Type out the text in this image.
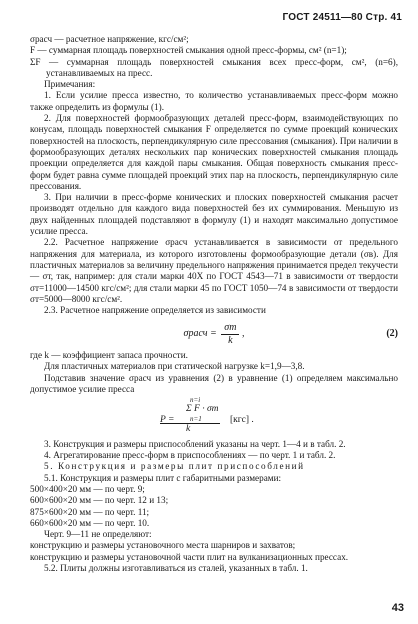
ГОСТ 24511—80 Стр. 41

σрасч — расчетное напряжение, кгс/см²;

F — суммарная площадь поверхностей смыкания одной пресс-формы, см² (n=1);

ΣF — суммарная площадь поверхностей смыкания всех пресс-форм, см², (n=6), устанавливаемых на пресс.

Примечания:

1. Если усилие пресса известно, то количество устанавливаемых пресс-форм можно также определить из формулы (1).

2. Для поверхностей формообразующих деталей пресс-форм, взаимодействующих по конусам, площадь поверхностей смыкания F определяется по сумме проекций конических поверхностей на плоскость, перпендикулярную силе прессования (смыкания). При наличии в формообразующих деталях нескольких пар конических поверхностей смыкания площадь проекции определяется для каждой пары смыкания. Общая поверхность смыкания пресс-форм будет равна сумме площадей проекций этих пар на плоскость, перпендикулярную силе прессования.

3. При наличии в пресс-форме конических и плоских поверхностей смыкания расчет производят отдельно для каждого вида поверхностей без их суммирования. Меньшую из двух найденных площадей подставляют в формулу (1) и находят максимально допустимое усилие пресса.

2.2. Расчетное напряжение σрасч устанавливается в зависимости от предельного напряжения для материала, из которого изготовлены формообразующие детали (σв). Для пластичных материалов за величину предельного напряжения принимается предел текучести — σт, так, например: для стали марки 40Х по ГОСТ 4543—71 в зависимости от твердости σт=11000—14500 кгс/см²; для стали марки 45 по ГОСТ 1050—74 в зависимости от твердости σт=5000—8000 кгс/см².

2.3. Расчетное напряжение определяется из зависимости

σрасч = $\frac{\sigma т}{k}$ ,	(2)

где k — коэффициент запаса прочности.

Для пластичных материалов при статической нагрузке k=1,9—3,8.

Подставив значение σрасч из уравнения (2) в уравнение (1) определяем максимально допустимое усилие пресса

n=i
Σ F · σт
n=1
P =	[кгс] .
k

3. Конструкция и размеры приспособлений указаны на черт. 1—4 и в табл. 2.

4. Агрегатирование пресс-форм в приспособлениях — по черт. 1 и табл. 2.

5. Конструкция и размеры плит приспособлений

5.1. Конструкция и размеры плит с габаритными размерами:

500×400×20 мм — по черт. 9;

600×600×20 мм — по черт. 12 и 13;

875×600×20 мм — по черт. 11;

660×600×20 мм — по черт. 10.

Черт. 9—11 не определяют:

конструкцию и размеры установочного места шарниров и захватов;

конструкцию и размеры установочной части плит на вулканизационных прессах.

5.2. Плиты должны изготавливаться из сталей, указанных в табл. 1.

43
